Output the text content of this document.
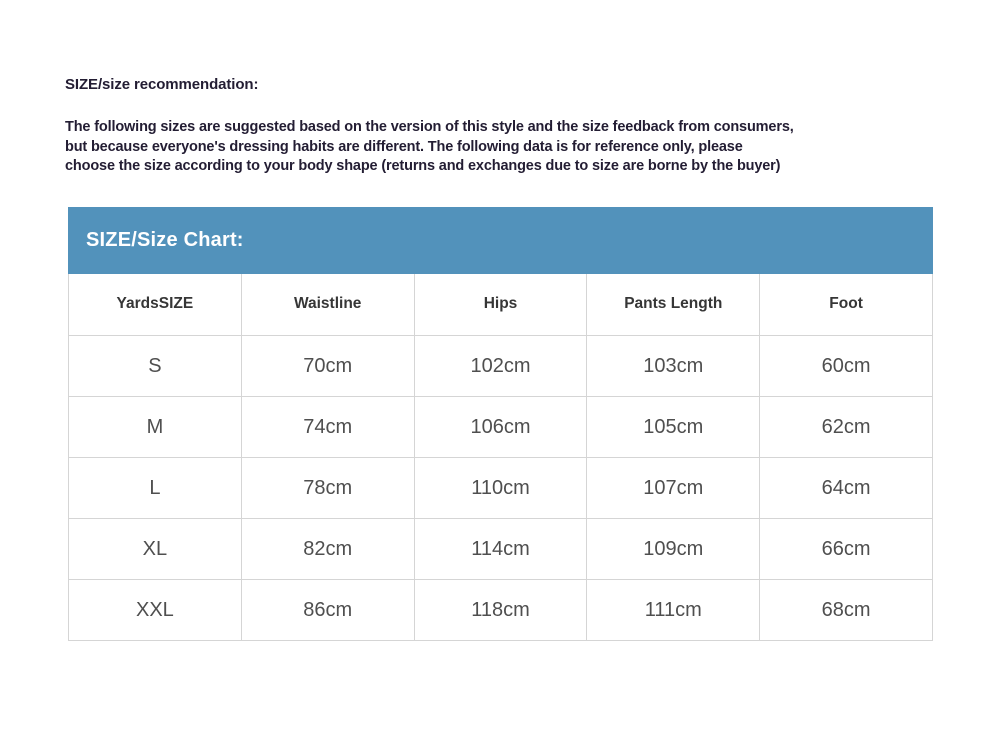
SIZE/size recommendation:
The following sizes are suggested based on the version of this style and the size feedback from consumers,
but because everyone's dressing habits are different. The following data is for reference only, please
choose the size according to your body shape (returns and exchanges due to size are borne by the buyer)
SIZE/Size Chart:
YardsSIZE	Waistline	Hips	Pants Length	Foot
S	70cm	102cm	103cm	60cm
M	74cm	106cm	105cm	62cm
L	78cm	110cm	107cm	64cm
XL	82cm	114cm	109cm	66cm
XXL	86cm	118cm	111cm	68cm
